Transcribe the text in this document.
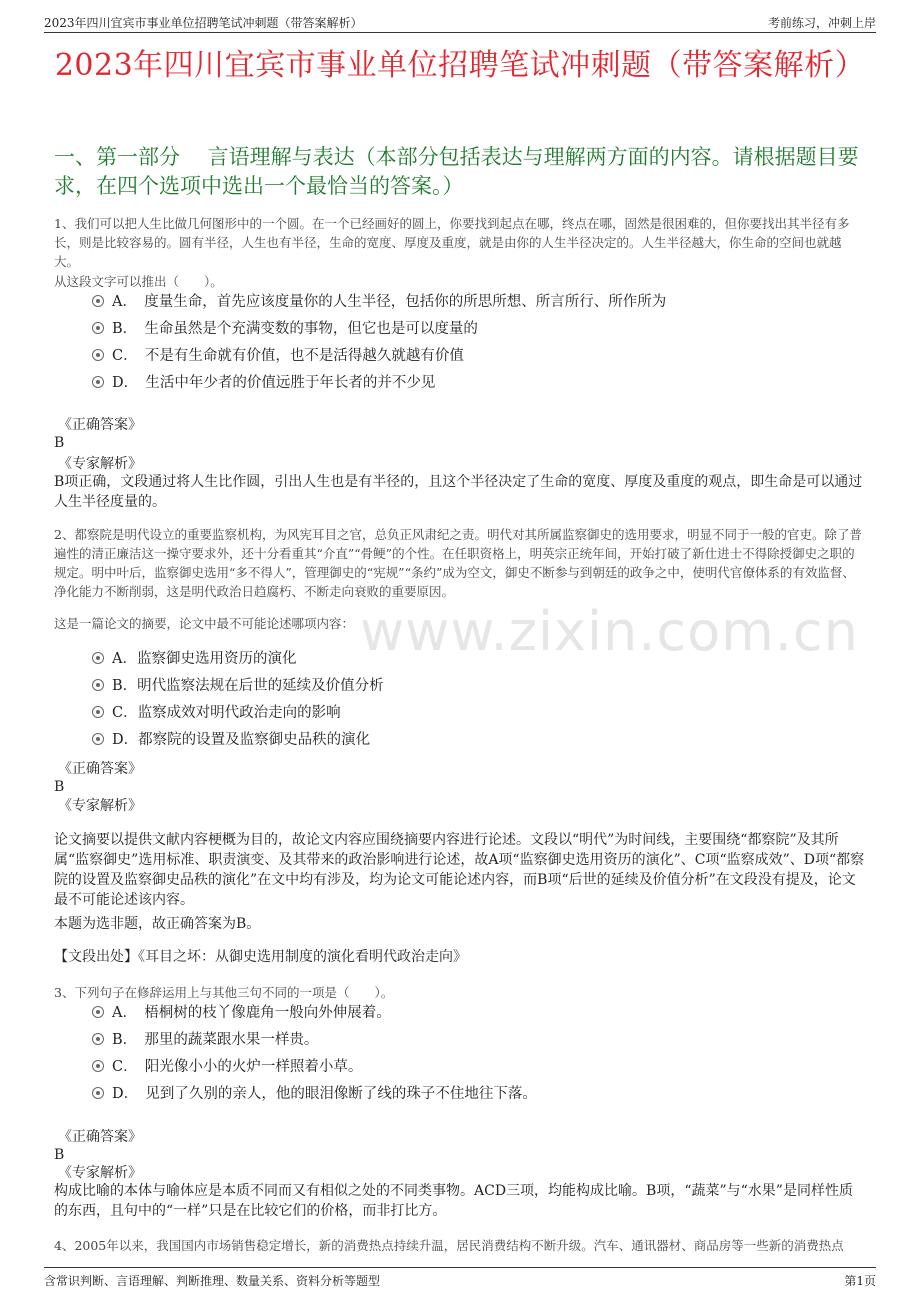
2023年四川宜宾市事业单位招聘笔试冲刺题（带答案解析）	考前练习，冲刺上岸
2023年四川宜宾市事业单位招聘笔试冲刺题（带答案解析）
一、第一部分　 言语理解与表达（本部分包括表达与理解两方面的内容。请根据题目要求，在四个选项中选出一个最恰当的答案。）
www.zixin.com.cn
1、我们可以把人生比做几何图形中的一个圆。在一个已经画好的圆上，你要找到起点在哪，终点在哪，固然是很困难的，但你要找出其半径有多长，则是比较容易的。圆有半径，人生也有半径，生命的宽度、厚度及重度，就是由你的人生半径决定的。人生半径越大，你生命的空间也就越大。
从这段文字可以推出（　　）。
A．　度量生命，首先应该度量你的人生半径，包括你的所思所想、所言所行、所作所为
B．　生命虽然是个充满变数的事物，但它也是可以度量的
C．　不是有生命就有价值，也不是活得越久就越有价值
D．　生活中年少者的价值远胜于年长者的并不少见
《正确答案》
B
《专家解析》
B项正确，文段通过将人生比作圆，引出人生也是有半径的，且这个半径决定了生命的宽度、厚度及重度的观点，即生命是可以通过人生半径度量的。
2、都察院是明代设立的重要监察机构，为风宪耳目之官，总负正风肃纪之责。明代对其所属监察御史的选用要求，明显不同于一般的官吏。除了普遍性的清正廉洁这一操守要求外，还十分看重其“介直”“骨鲠”的个性。在任职资格上，明英宗正统年间，开始打破了新仕进士不得除授御史之职的规定。明中叶后，监察御史选用“多不得人”，管理御史的“宪规”“条约”成为空文，御史不断参与到朝廷的政争之中，使明代官僚体系的有效监督、净化能力不断削弱，这是明代政治日趋腐朽、不断走向衰败的重要原因。
这是一篇论文的摘要，论文中最不可能论述哪项内容：
A．监察御史选用资历的演化
B．明代监察法规在后世的延续及价值分析
C．监察成效对明代政治走向的影响
D．都察院的设置及监察御史品秩的演化
《正确答案》
B
《专家解析》
论文摘要以提供文献内容梗概为目的，故论文内容应围绕摘要内容进行论述。文段以“明代”为时间线，主要围绕“都察院”及其所属“监察御史”选用标准、职责演变、及其带来的政治影响进行论述，故A项“监察御史选用资历的演化”、C项“监察成效”、D项“都察院的设置及监察御史品秩的演化”在文中均有涉及，均为论文可能论述内容，而B项“后世的延续及价值分析”在文段没有提及，论文最不可能论述该内容。
本题为选非题，故正确答案为B。
【文段出处】《耳目之坏：从御史选用制度的演化看明代政治走向》
3、下列句子在修辞运用上与其他三句不同的一项是（　　）。
A．　梧桐树的枝丫像鹿角一般向外伸展着。
B．　那里的蔬菜跟水果一样贵。
C．　阳光像小小的火炉一样照着小草。
D．　见到了久别的亲人，他的眼泪像断了线的珠子不住地往下落。
《正确答案》
B
《专家解析》
构成比喻的本体与喻体应是本质不同而又有相似之处的不同类事物。ACD三项，均能构成比喻。B项，“蔬菜”与“水果”是同样性质的东西，且句中的“一样”只是在比较它们的价格，而非打比方。
4、2005年以来，我国国内市场销售稳定增长，新的消费热点持续升温，居民消费结构不断升级。汽车、通讯器材、商品房等一些新的消费热点
含常识判断、言语理解、判断推理、数量关系、资料分析等题型	第1页
